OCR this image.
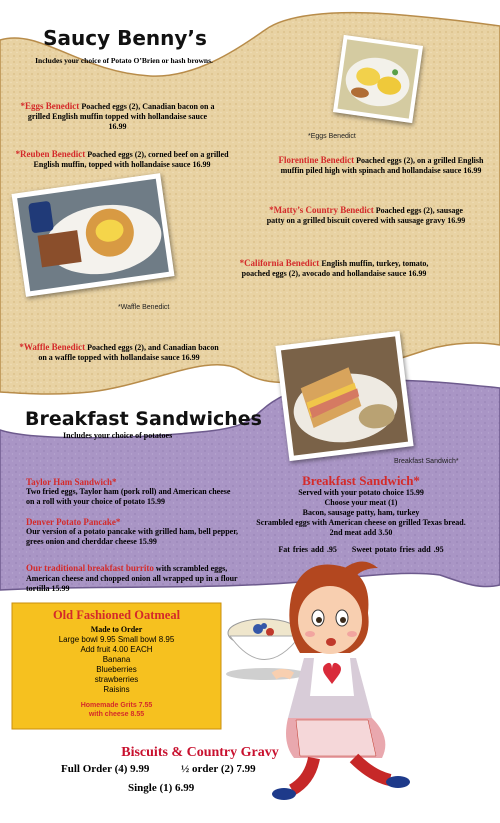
Saucy Benny’s
Includes your choice of Potato O’Brien or hash browns.
*Eggs Benedict
*Waffle Benedict
*Eggs Benedict Poached eggs (2), Canadian bacon on a grilled English muffin topped with hollandaise sauce 16.99
*Reuben Benedict Poached eggs (2), corned beef on a grilled English muffin, topped with hollandaise sauce 16.99	Florentine Benedict Poached eggs (2), on a grilled English muffin piled high with spinach and hollandaise sauce 16.99
*Matty’s Country Benedict Poached eggs (2), sausage patty on a grilled biscuit covered with sausage gravy 16.99
*California Benedict English muffin, turkey, tomato, poached eggs (2), avocado and hollandaise sauce 16.99
*Waffle Benedict Poached eggs (2), and Canadian bacon on a waffle topped with hollandaise sauce 16.99
Breakfast Sandwich*
Breakfast Sandwiches
Includes your choice of potatoes
Taylor Ham Sandwich*
Two fried eggs, Taylor ham (pork roll) and American cheese on a roll with your choice of potato 15.99
Denver Potato Pancake*
Our version of a potato pancake with grilled ham, bell pepper, grees onion and cherddar cheese 15.99
Our traditional breakfast burrito with scrambled eggs, American cheese and chopped onion all wrapped up in a flour tortilla 15.99
Breakfast Sandwich*
Served with your potato choice 15.99
Choose your meat (1)
Bacon, sausage patty, ham, turkey
Scrambled eggs with American cheese on grilled Texas bread.
2nd meat add 3.50
Fat fries add .95 Sweet potato fries add .95
Old Fashioned Oatmeal
Made to Order
Large bowl 9.95 Small bowl 8.95
Add fruit 4.00 EACH
Banana
Blueberries
strawberries
Raisins
Homemade Grits 7.55
with cheese 8.55
Biscuits & Country Gravy
Full Order (4) 9.99	½ order (2) 7.99
Single (1) 6.99
